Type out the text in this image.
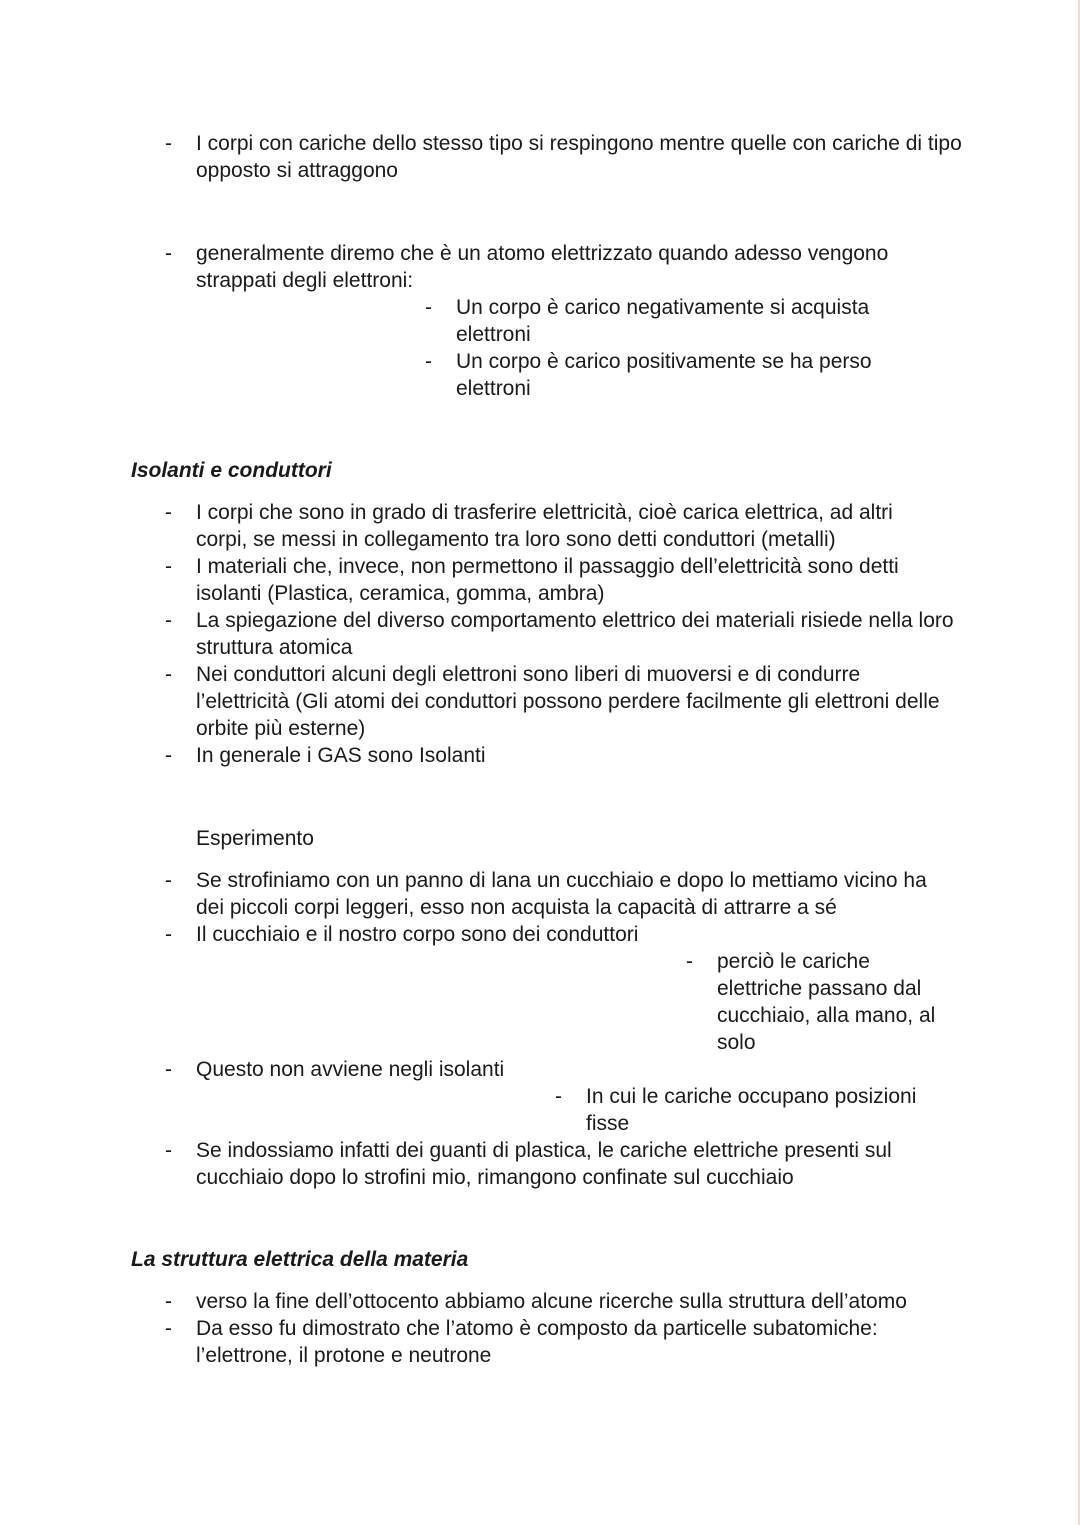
- I corpi con cariche dello stesso tipo si respingono mentre quelle con cariche di tipo opposto si attraggono
- generalmente diremo che è un atomo elettrizzato quando adesso vengono strappati degli elettroni:
- Un corpo è carico negativamente si acquista elettroni
- Un corpo è carico positivamente se ha perso elettroni
Isolanti e conduttori
- I corpi che sono in grado di trasferire elettricità, cioè carica elettrica, ad altri corpi, se messi in collegamento tra loro sono detti conduttori (metalli)
- I materiali che, invece, non permettono il passaggio dell’elettricità sono detti isolanti (Plastica, ceramica, gomma, ambra)
- La spiegazione del diverso comportamento elettrico dei materiali risiede nella loro struttura atomica
- Nei conduttori alcuni degli elettroni sono liberi di muoversi e di condurre l’elettricità (Gli atomi dei conduttori possono perdere facilmente gli elettroni delle orbite più esterne)
- In generale i GAS sono Isolanti
Esperimento
- Se strofiniamo con un panno di lana un cucchiaio e dopo lo mettiamo vicino ha dei piccoli corpi leggeri, esso non acquista la capacità di attrarre a sé
- Il cucchiaio e il nostro corpo sono dei conduttori
- perciò le cariche elettriche passano dal cucchiaio, alla mano, al solo
- Questo non avviene negli isolanti
- In cui le cariche occupano posizioni fisse
- Se indossiamo infatti dei guanti di plastica, le cariche elettriche presenti sul cucchiaio dopo lo strofini mio, rimangono confinate sul cucchiaio
La struttura elettrica della materia
- verso la fine dell’ottocento abbiamo alcune ricerche sulla struttura dell’atomo
- Da esso fu dimostrato che l’atomo è composto da particelle subatomiche: l’elettrone, il protone e neutrone
